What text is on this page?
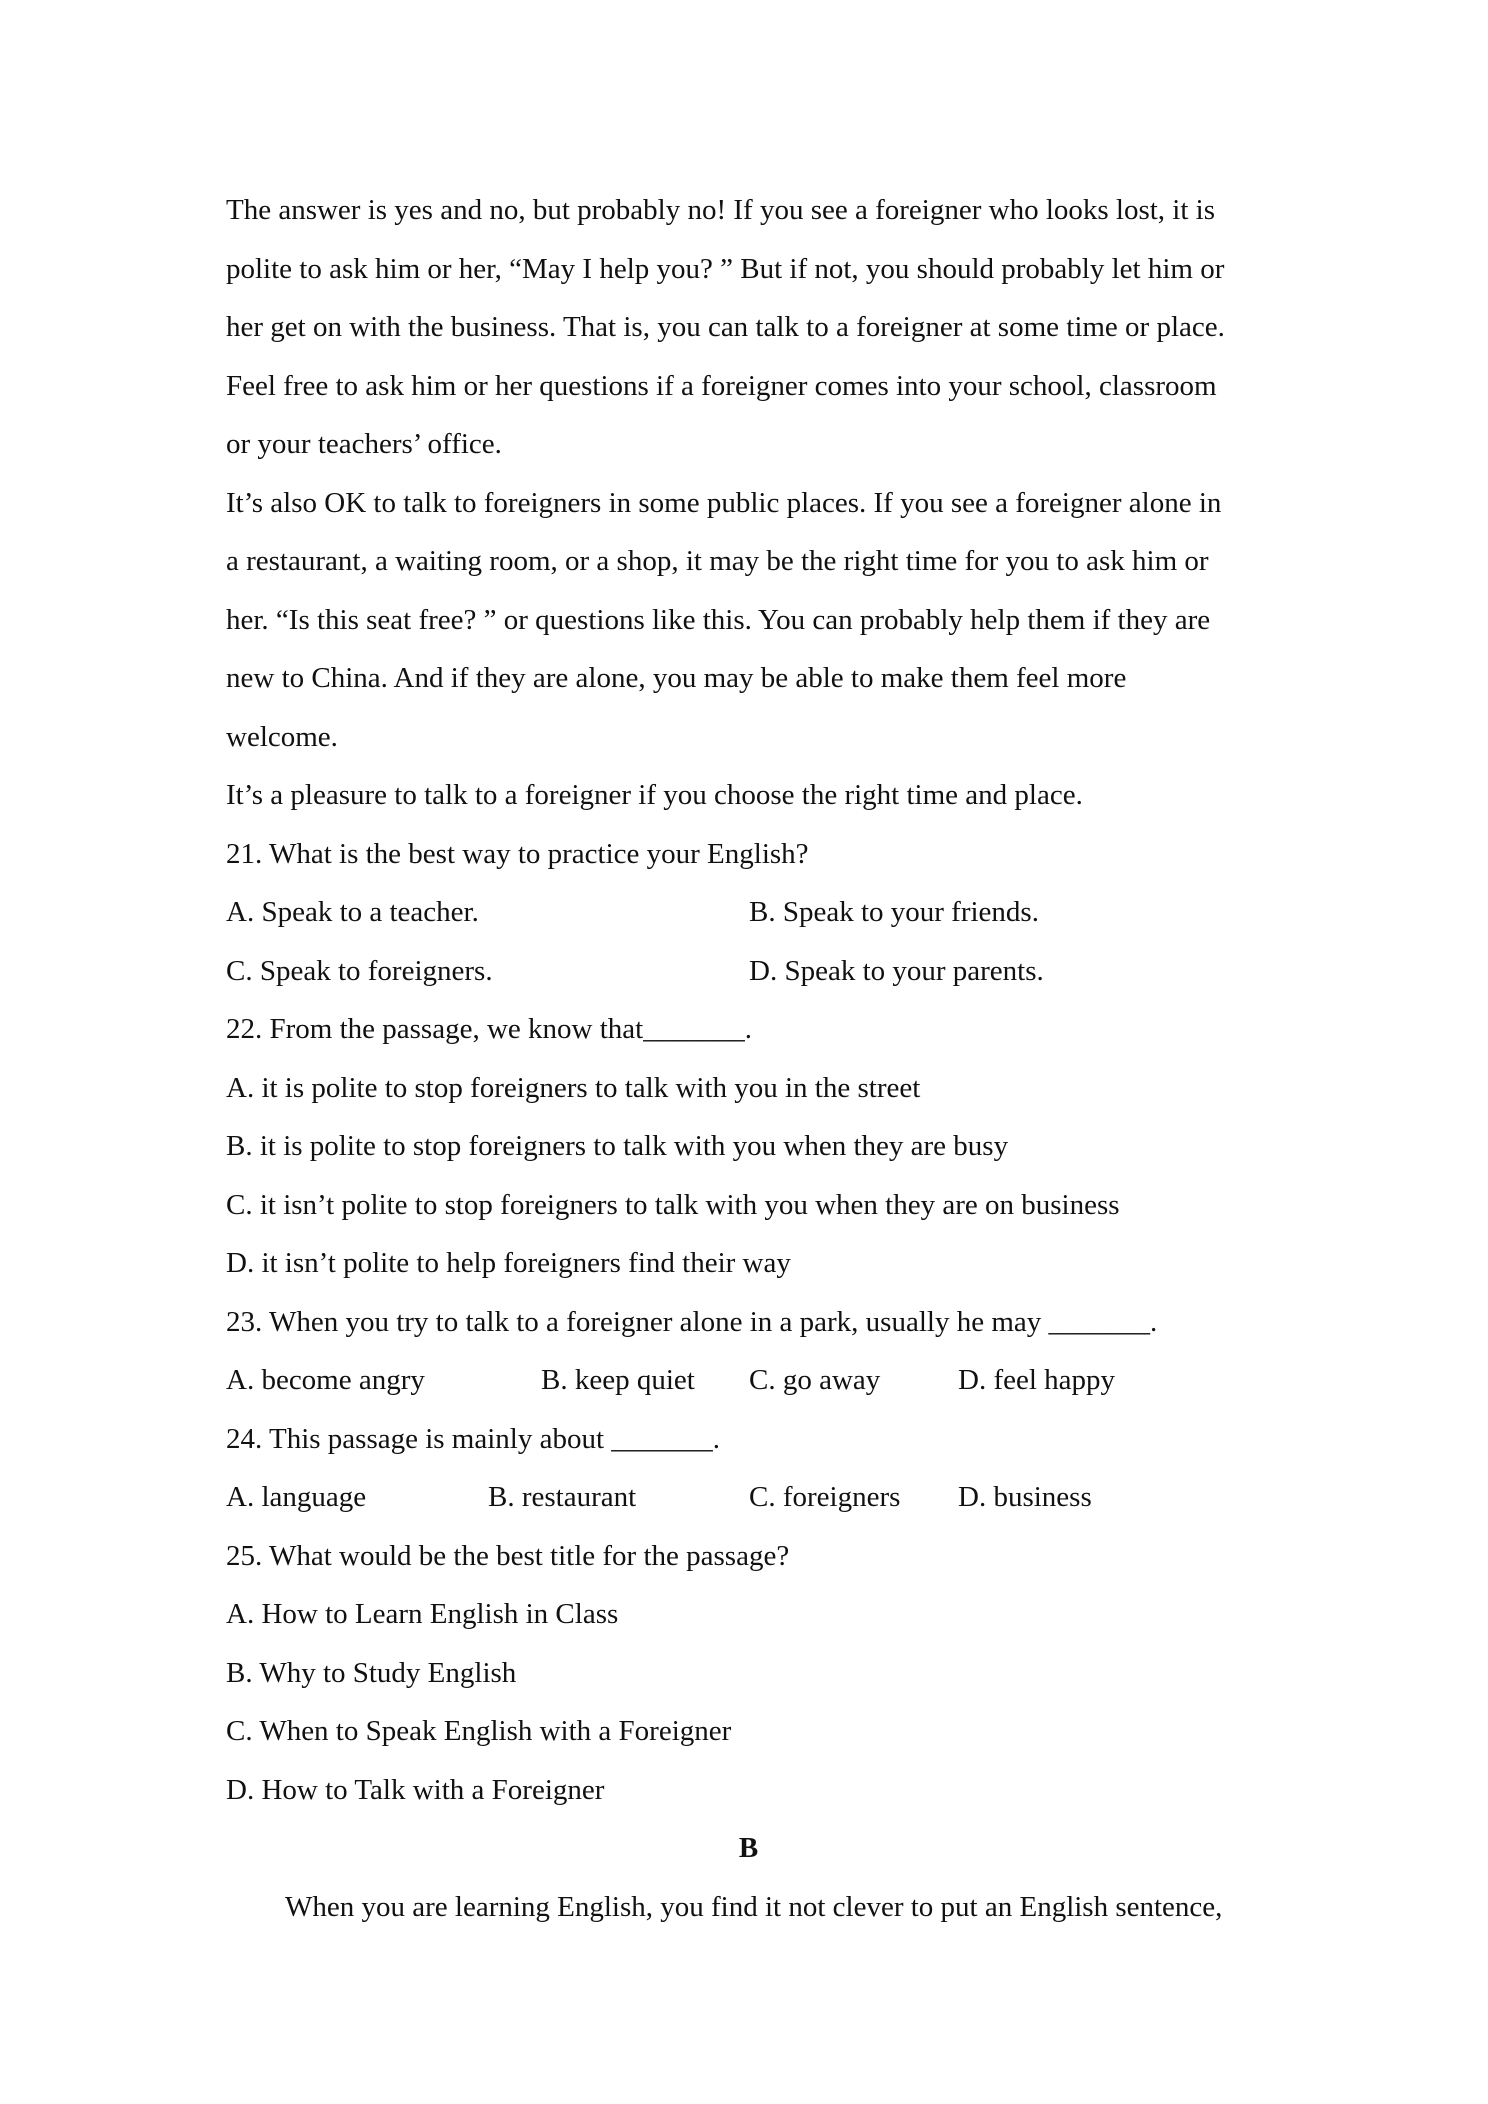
The answer is yes and no, but probably no! If you see a foreigner who looks lost, it is
polite to ask him or her, “May I help you? ” But if not, you should probably let him or
her get on with the business. That is, you can talk to a foreigner at some time or place.
Feel free to ask him or her questions if a foreigner comes into your school, classroom
or your teachers’ office.
It’s also OK to talk to foreigners in some public places. If you see a foreigner alone in
a restaurant, a waiting room, or a shop, it may be the right time for you to ask him or
her. “Is this seat free? ” or questions like this. You can probably help them if they are
new to China. And if they are alone, you may be able to make them feel more
welcome.
It’s a pleasure to talk to a foreigner if you choose the right time and place.
21. What is the best way to practice your English?
A. Speak to a teacher.	B. Speak to your friends.
C. Speak to foreigners.	D. Speak to your parents.
22. From the passage, we know that_______.
A. it is polite to stop foreigners to talk with you in the street
B. it is polite to stop foreigners to talk with you when they are busy
C. it isn’t polite to stop foreigners to talk with you when they are on business
D. it isn’t polite to help foreigners find their way
23. When you try to talk to a foreigner alone in a park, usually he may _______.
A. become angry	B. keep quiet	C. go away	D. feel happy
24. This passage is mainly about _______.
A. language	B. restaurant	C. foreigners	D. business
25. What would be the best title for the passage?
A. How to Learn English in Class
B. Why to Study English
C. When to Speak English with a Foreigner
D. How to Talk with a Foreigner
B
When you are learning English, you find it not clever to put an English sentence,
